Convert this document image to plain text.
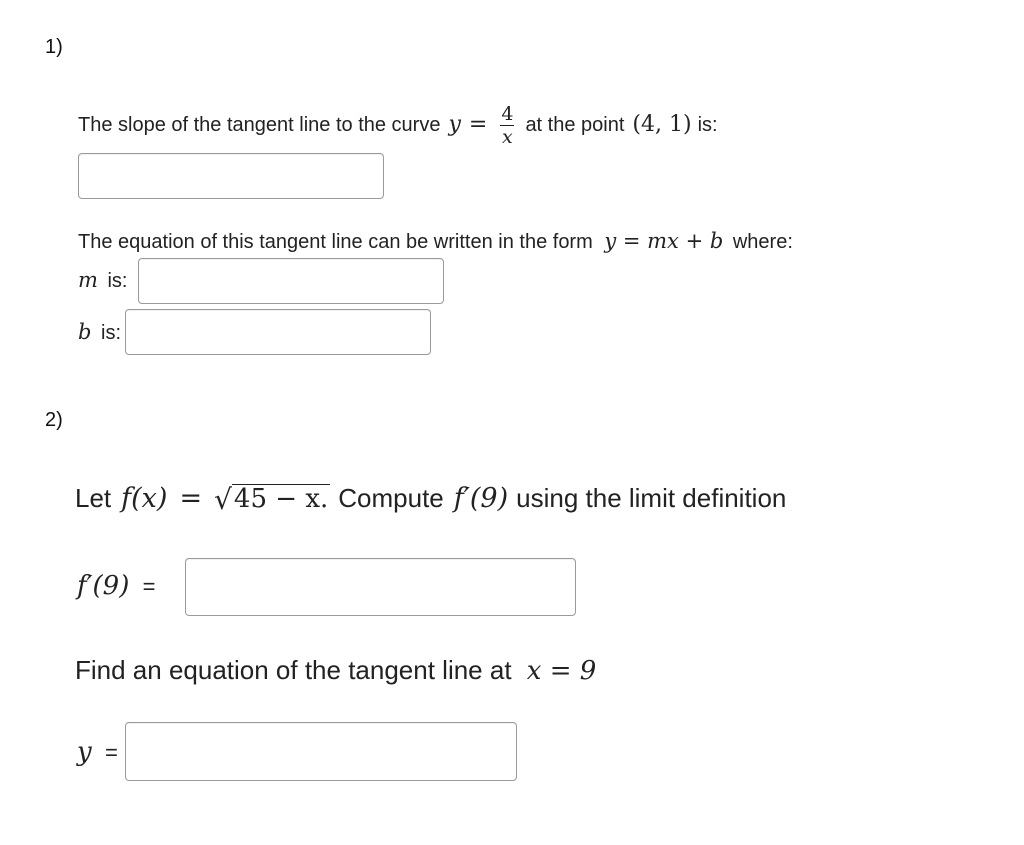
1)
The slope of the tangent line to the curve $y = \frac{4}{x}$ at the point (4, 1) is:
The equation of this tangent line can be written in the form y = mx + b where:
m is:
b is:
2)
Let f(x) = √45 − x. Compute f′(9) using the limit definition
f′(9) =
Find an equation of the tangent line at x = 9
y =
